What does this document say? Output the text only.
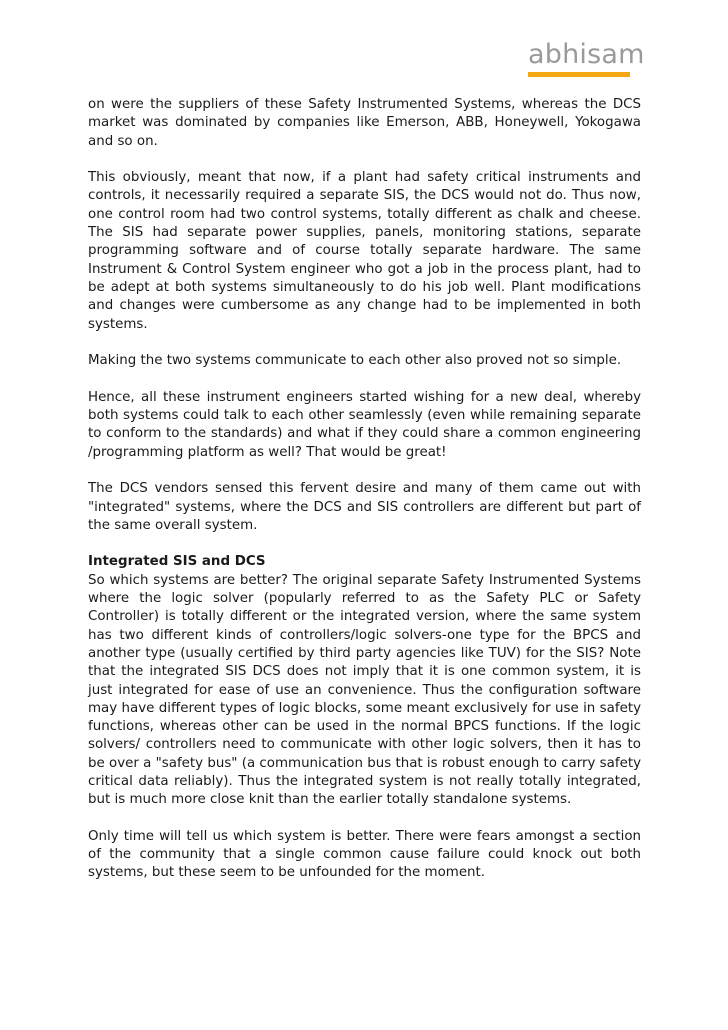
abhisam

on were the suppliers of these Safety Instrumented Systems, whereas the DCS market was dominated by companies like Emerson, ABB, Honeywell, Yokogawa and so on.

This obviously, meant that now, if a plant had safety critical instruments and controls, it necessarily required a separate SIS, the DCS would not do. Thus now, one control room had two control systems, totally different as chalk and cheese. The SIS had separate power supplies, panels, monitoring stations, separate programming software and of course totally separate hardware. The same Instrument & Control System engineer who got a job in the process plant, had to be adept at both systems simultaneously to do his job well. Plant modifications and changes were cumbersome as any change had to be implemented in both systems.

Making the two systems communicate to each other also proved not so simple.

Hence, all these instrument engineers started wishing for a new deal, whereby both systems could talk to each other seamlessly (even while remaining separate to conform to the standards) and what if they could share a common engineering /programming platform as well? That would be great!

The DCS vendors sensed this fervent desire and many of them came out with "integrated" systems, where the DCS and SIS controllers are different but part of the same overall system.

Integrated SIS and DCS

So which systems are better? The original separate Safety Instrumented Systems where the logic solver (popularly referred to as the Safety PLC or Safety Controller) is totally different or the integrated version, where the same system has two different kinds of controllers/logic solvers-one type for the BPCS and another type (usually certified by third party agencies like TUV) for the SIS? Note that the integrated SIS DCS does not imply that it is one common system, it is just integrated for ease of use an convenience. Thus the configuration software may have different types of logic blocks, some meant exclusively for use in safety functions, whereas other can be used in the normal BPCS functions. If the logic solvers/ controllers need to communicate with other logic solvers, then it has to be over a "safety bus" (a communication bus that is robust enough to carry safety critical data reliably). Thus the integrated system is not really totally integrated, but is much more close knit than the earlier totally standalone systems.

Only time will tell us which system is better. There were fears amongst a section of the community that a single common cause failure could knock out both systems, but these seem to be unfounded for the moment.
